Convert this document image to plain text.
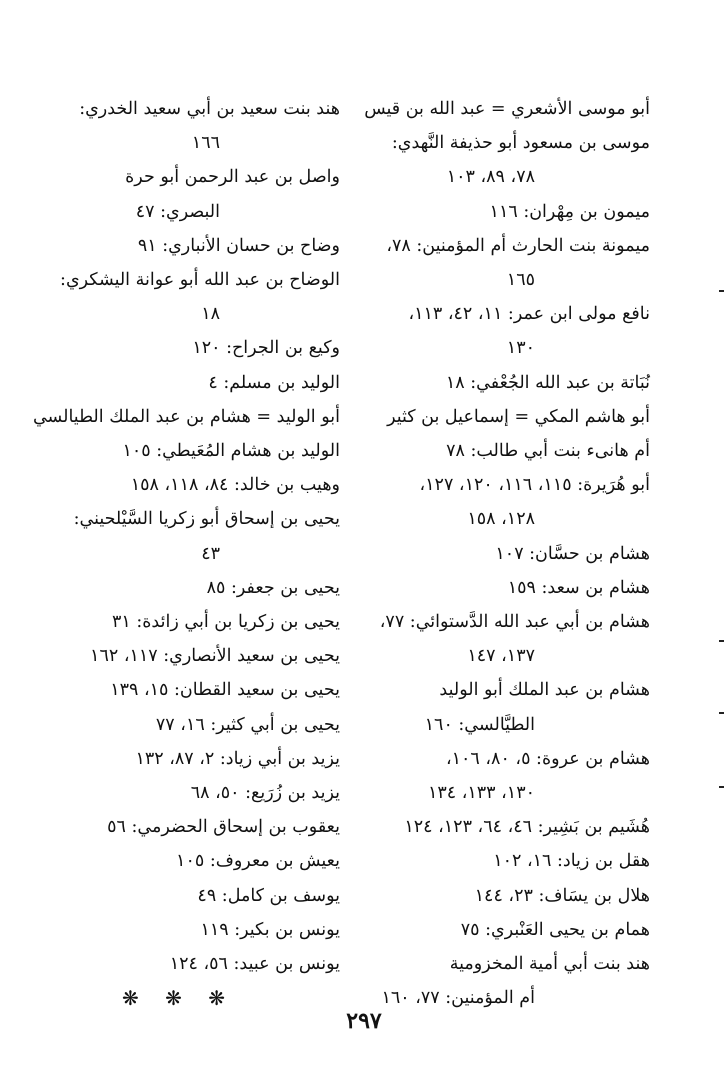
أبو موسى الأشعري = عبد الله بن قيس
موسى بن مسعود أبو حذيفة النَّهدي:
٧٨، ٨٩، ١٠٣
ميمون بن مِهْران: ١١٦
ميمونة بنت الحارث أم المؤمنين: ٧٨،
١٦٥
نافع مولى ابن عمر: ١١، ٤٢، ١١٣،
١٣٠
نُبَاتة بن عبد الله الجُعْفي: ١٨
أبو هاشم المكي = إسماعيل بن كثير
أم هانىء بنت أبي طالب: ٧٨
أبو هُرَيرة: ١١٥، ١١٦، ١٢٠، ١٢٧،
١٢٨، ١٥٨
هشام بن حسَّان: ١٠٧
هشام بن سعد: ١٥٩
هشام بن أبي عبد الله الدَّستوائي: ٧٧،
١٣٧، ١٤٧
هشام بن عبد الملك أبو الوليد
الطيَّالسي: ١٦٠
هشام بن عروة: ٥، ٨٠، ١٠٦،
١٣٠، ١٣٣، ١٣٤
هُشَيم بن بَشِير: ٤٦، ٦٤، ١٢٣، ١٢٤
هقل بن زياد: ١٦، ١٠٢
هلال بن يسَاف: ٢٣، ١٤٤
همام بن يحيى العَنْبري: ٧٥
هند بنت أبي أمية المخزومية
أم المؤمنين: ٧٧، ١٦٠
هند بنت سعيد بن أبي سعيد الخدري:
١٦٦
واصل بن عبد الرحمن أبو حرة
البصري: ٤٧
وضاح بن حسان الأنباري: ٩١
الوضاح بن عبد الله أبو عوانة اليشكري:
١٨
وكيع بن الجراح: ١٢٠
الوليد بن مسلم: ٤
أبو الوليد = هشام بن عبد الملك الطيالسي
الوليد بن هشام المُعَيطي: ١٠٥
وهيب بن خالد: ٨٤، ١١٨، ١٥٨
يحيى بن إسحاق أبو زكريا السَّيْلحيني:
٤٣
يحيى بن جعفر: ٨٥
يحيى بن زكريا بن أبي زائدة: ٣١
يحيى بن سعيد الأنصاري: ١١٧، ١٦٢
يحيى بن سعيد القطان: ١٥، ١٣٩
يحيى بن أبي كثير: ١٦، ٧٧
يزيد بن أبي زياد: ٢، ٨٧، ١٣٢
يزيد بن زُرَيع: ٥٠، ٦٨
يعقوب بن إسحاق الحضرمي: ٥٦
يعيش بن معروف: ١٠٥
يوسف بن كامل: ٤٩
يونس بن بكير: ١١٩
يونس بن عبيد: ٥٦، ١٢٤
❋ ❋ ❋
٢٩٧
